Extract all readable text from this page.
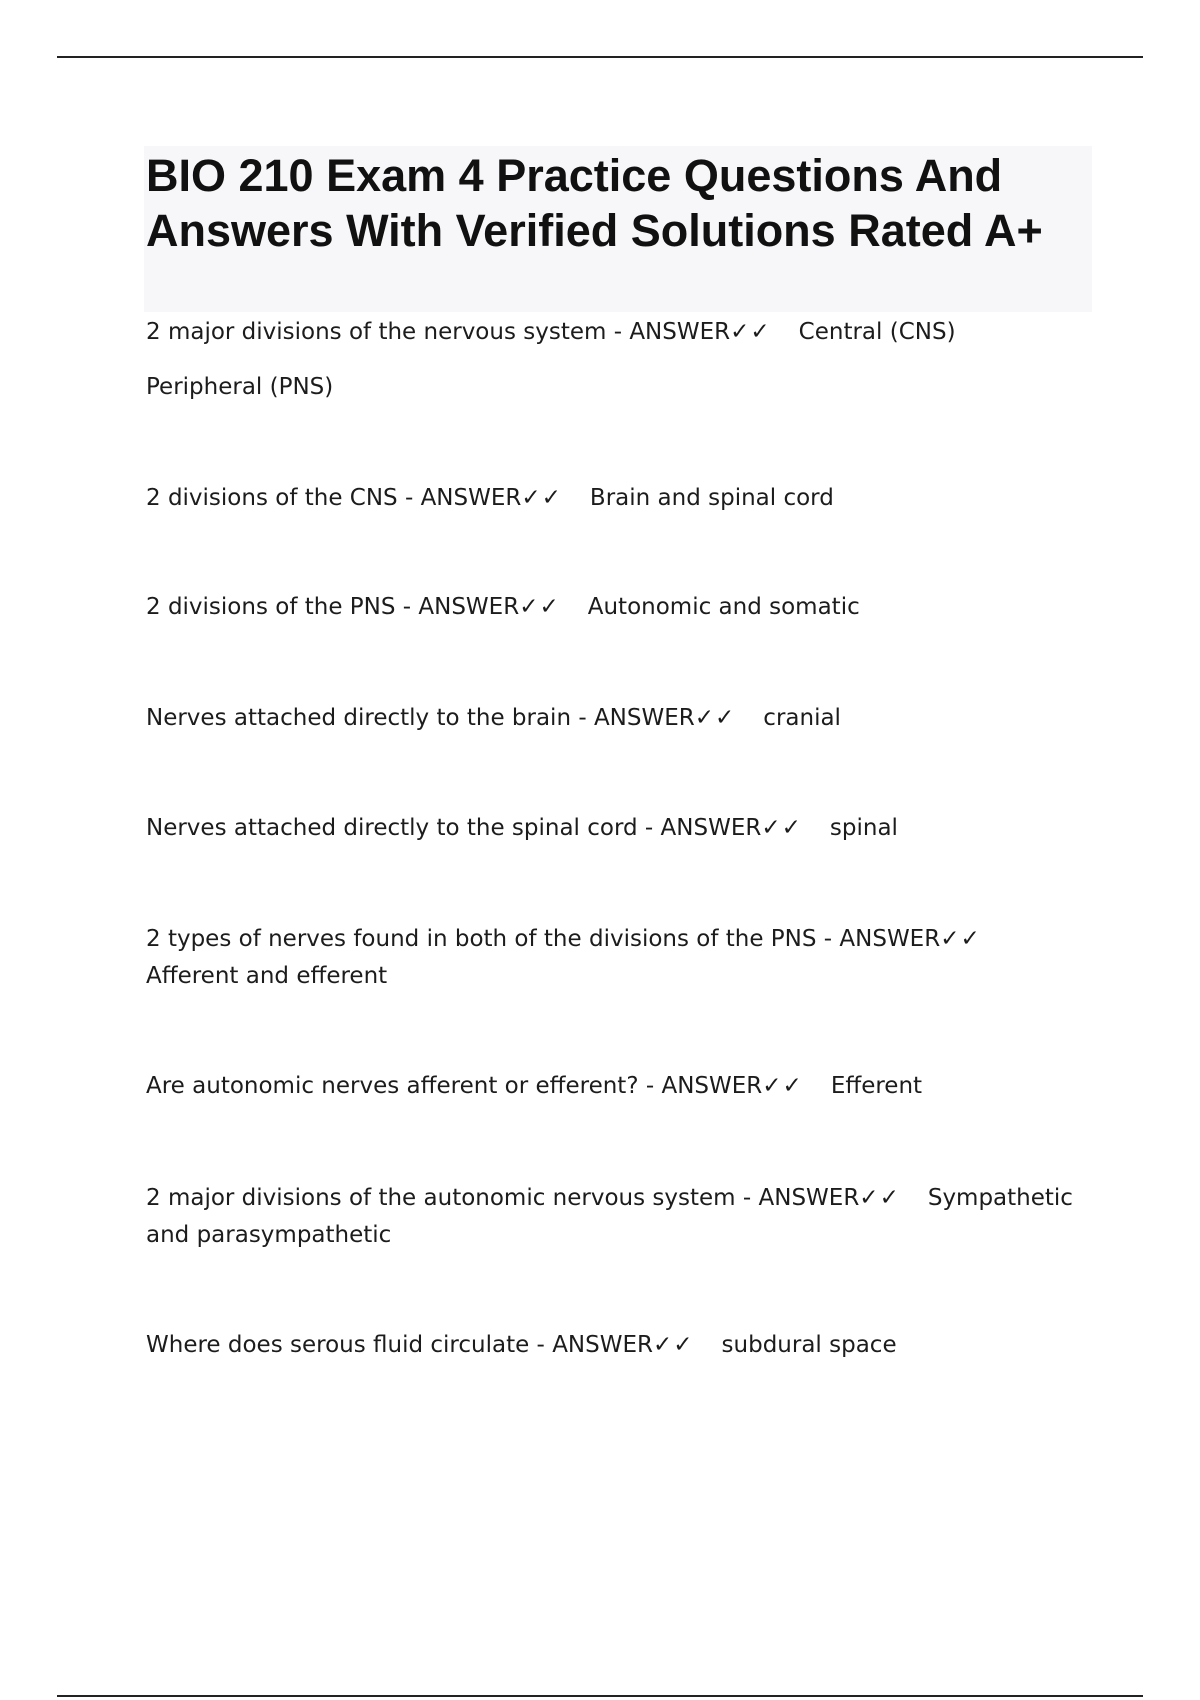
BIO 210 Exam 4 Practice Questions And Answers With Verified Solutions Rated A+

2 major divisions of the nervous system - ANSWER✓✓ Central (CNS)

Peripheral (PNS)

2 divisions of the CNS - ANSWER✓✓ Brain and spinal cord

2 divisions of the PNS - ANSWER✓✓ Autonomic and somatic

Nerves attached directly to the brain - ANSWER✓✓ cranial

Nerves attached directly to the spinal cord - ANSWER✓✓ spinal

2 types of nerves found in both of the divisions of the PNS - ANSWER✓✓
Afferent and efferent

Are autonomic nerves afferent or efferent? - ANSWER✓✓ Efferent

2 major divisions of the autonomic nervous system - ANSWER✓✓ Sympathetic and parasympathetic

Where does serous fluid circulate - ANSWER✓✓ subdural space
